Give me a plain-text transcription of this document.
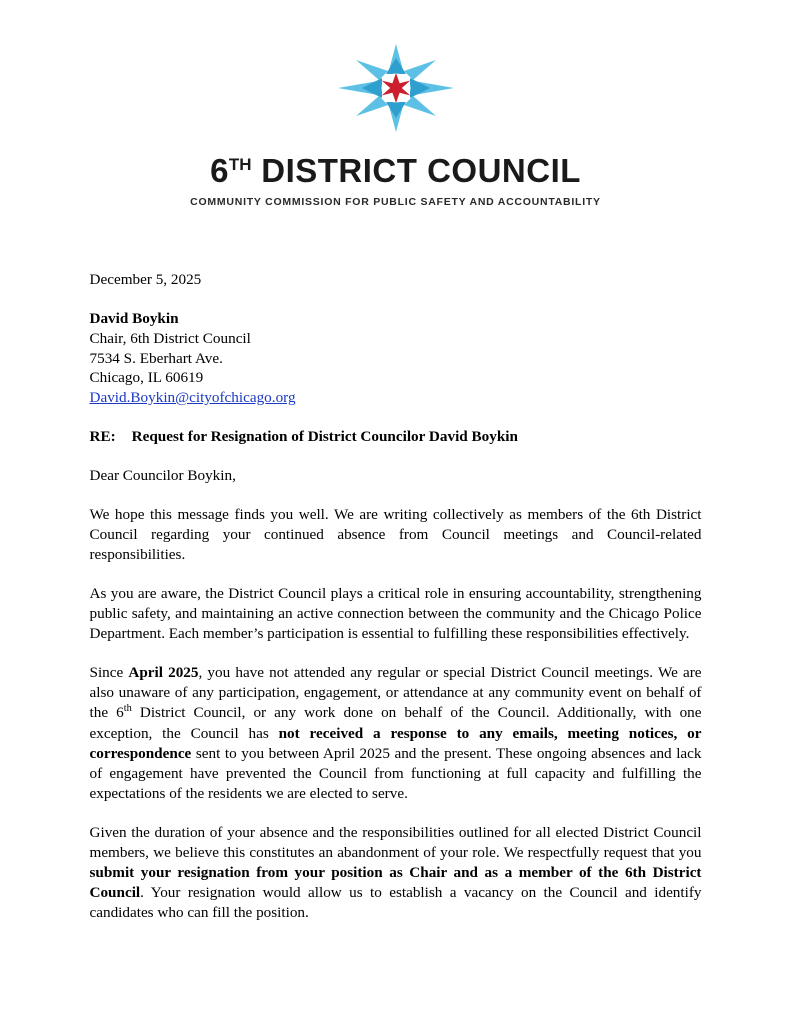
6TH DISTRICT COUNCIL
COMMUNITY COMMISSION FOR PUBLIC SAFETY AND ACCOUNTABILITY
December 5, 2025
David Boykin
Chair, 6th District Council
7534 S. Eberhart Ave.
Chicago, IL 60619
David.Boykin@cityofchicago.org
RE: Request for Resignation of District Councilor David Boykin
Dear Councilor Boykin,

We hope this message finds you well. We are writing collectively as members of the 6th District Council regarding your continued absence from Council meetings and Council-related responsibilities.

As you are aware, the District Council plays a critical role in ensuring accountability, strengthening public safety, and maintaining an active connection between the community and the Chicago Police Department. Each member’s participation is essential to fulfilling these responsibilities effectively.

Since April 2025, you have not attended any regular or special District Council meetings. We are also unaware of any participation, engagement, or attendance at any community event on behalf of the 6th District Council, or any work done on behalf of the Council. Additionally, with one exception, the Council has not received a response to any emails, meeting notices, or correspondence sent to you between April 2025 and the present. These ongoing absences and lack of engagement have prevented the Council from functioning at full capacity and fulfilling the expectations of the residents we are elected to serve.

Given the duration of your absence and the responsibilities outlined for all elected District Council members, we believe this constitutes an abandonment of your role. We respectfully request that you submit your resignation from your position as Chair and as a member of the 6th District Council. Your resignation would allow us to establish a vacancy on the Council and identify candidates who can fill the position.
